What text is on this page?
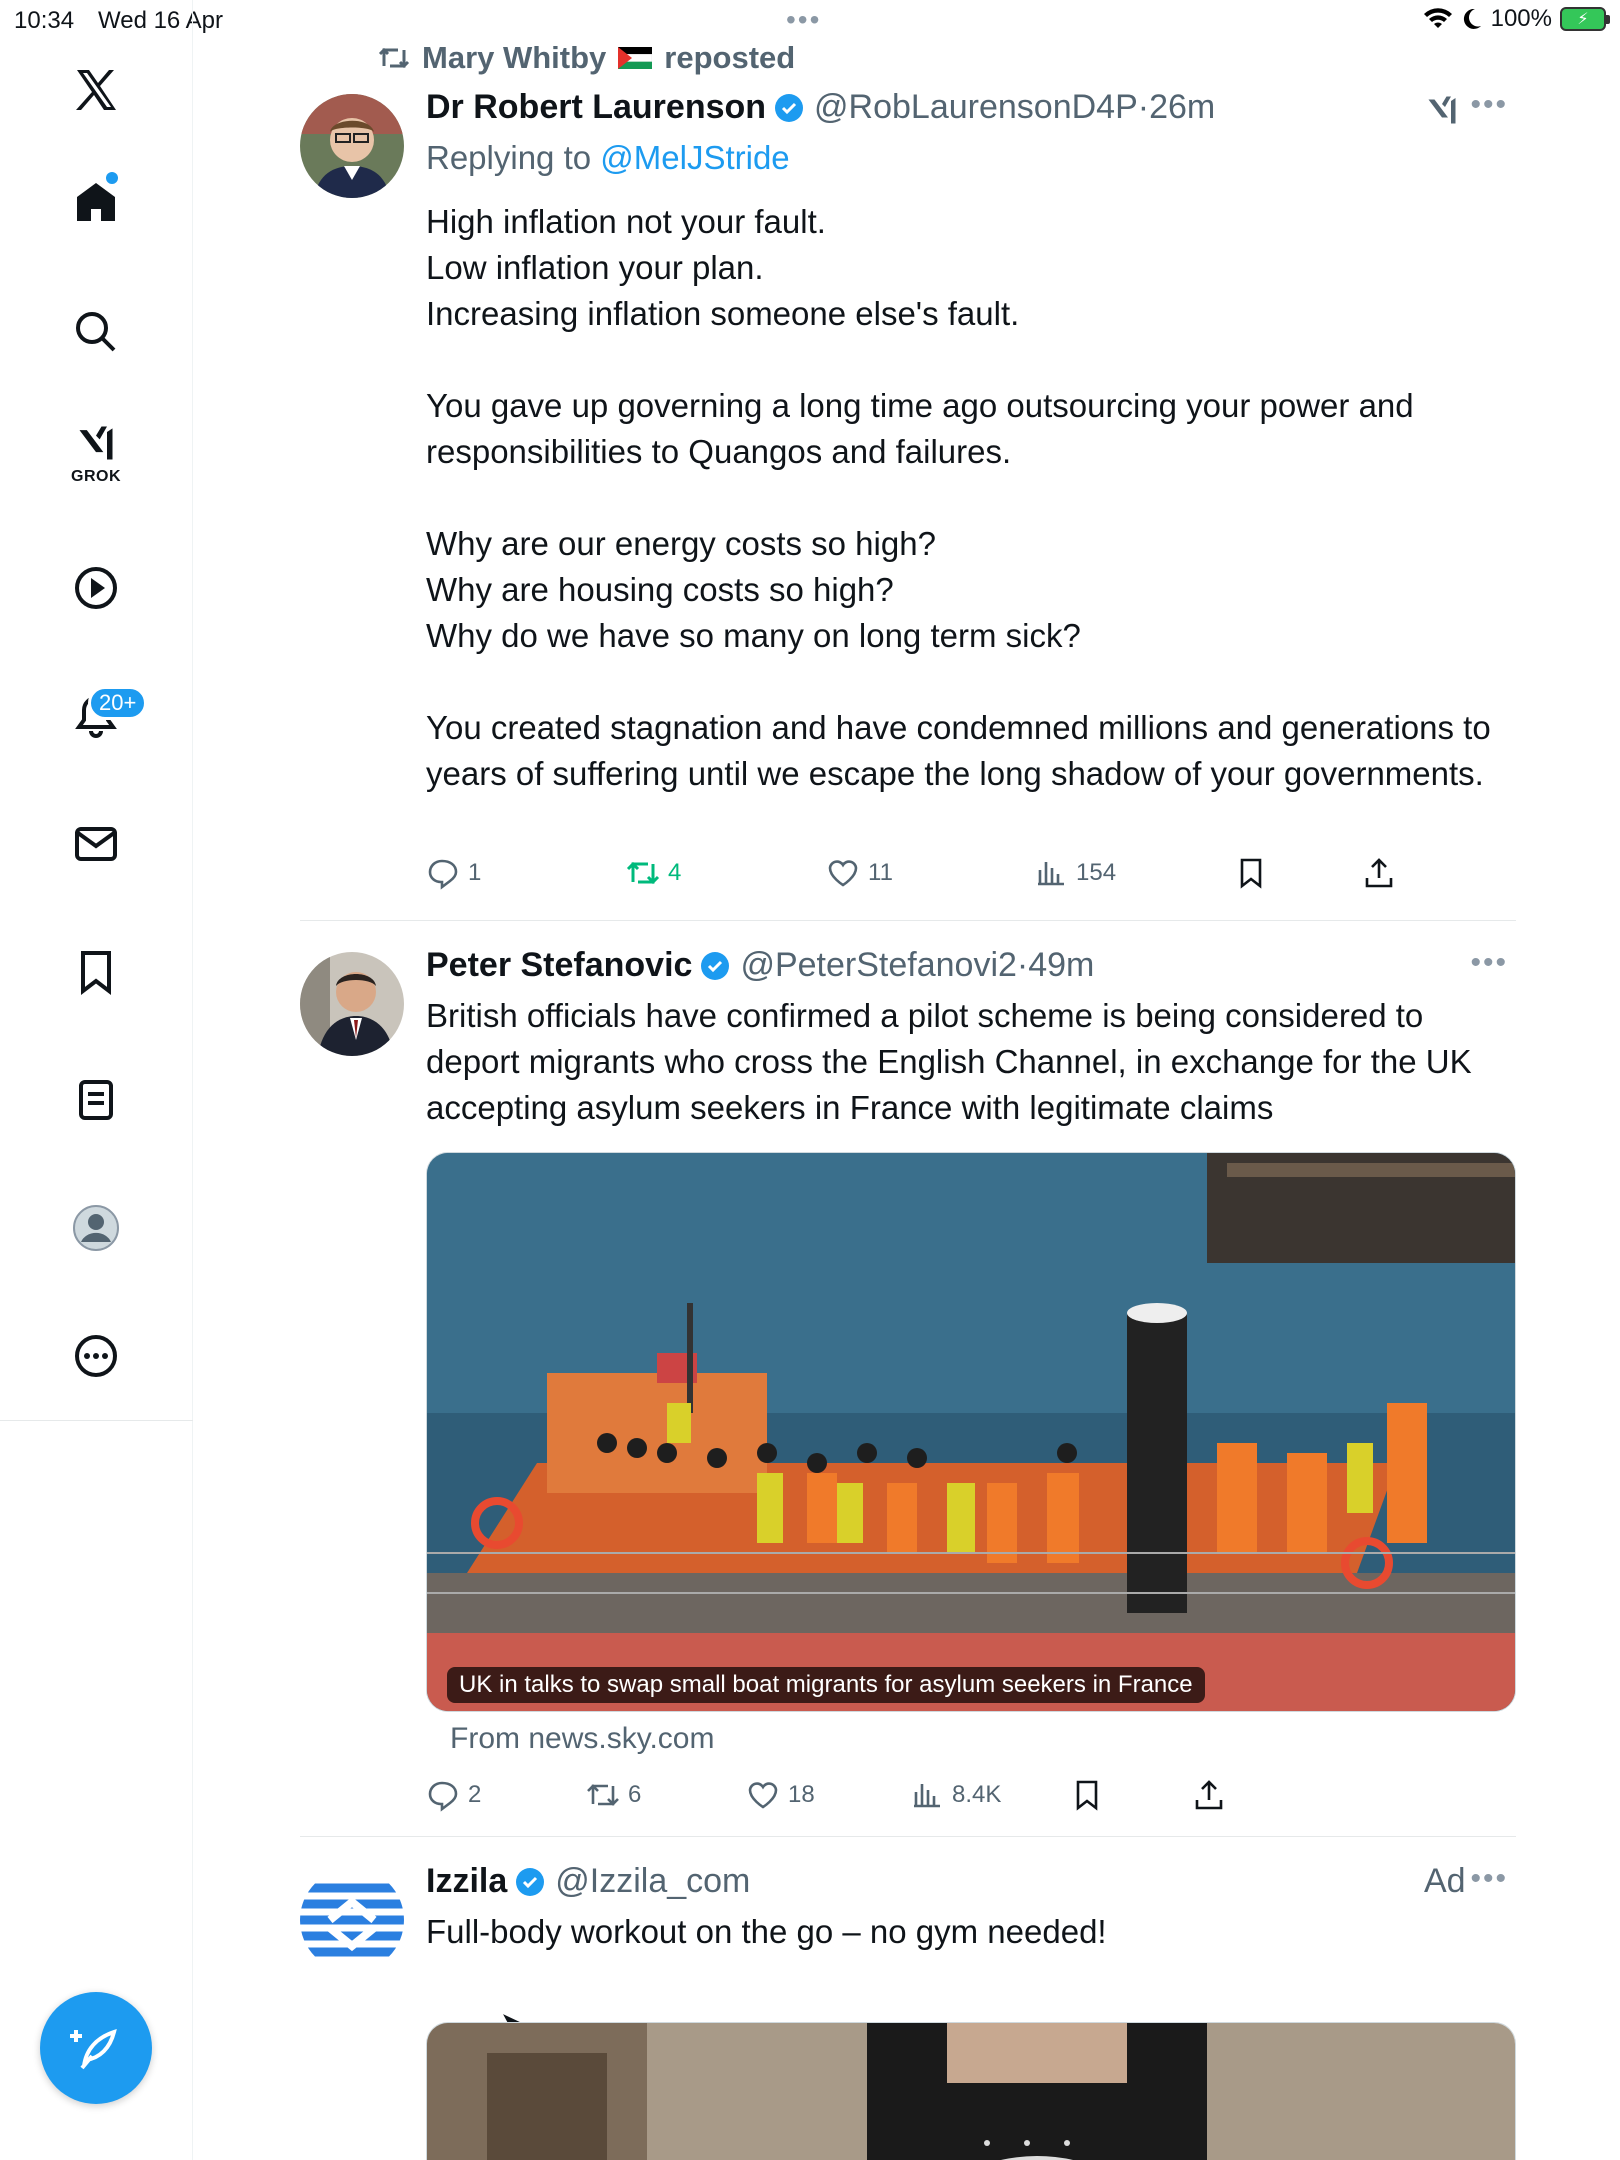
10:34 Wed 16 Apr	100%	⚡
•••
GROK
20+
Mary Whitby reposted
Dr Robert Laurenson @RobLaurensonD4P · 26m
Replying to @MelJStride
High inflation not your fault.
Low inflation your plan.
Increasing inflation someone else's fault.

You gave up governing a long time ago outsourcing your power and responsibilities to Quangos and failures.

Why are our energy costs so high?
Why are housing costs so high?
Why do we have so many on long term sick?

You created stagnation and have condemned millions and generations to years of suffering until we escape the long shadow of your governments.
•••
1	4	11	154
Peter Stefanovic @PeterStefanovi2 · 49m
British officials have confirmed a pilot scheme is being considered to deport migrants who cross the English Channel, in exchange for the UK accepting asylum seekers in France with legitimate claims
•••
UK in talks to swap small boat migrants for asylum seekers in France
From news.sky.com
2	6	18	8.4K
Izzila @Izzila_com
Full-body workout on the go – no gym needed!

Ad •••
